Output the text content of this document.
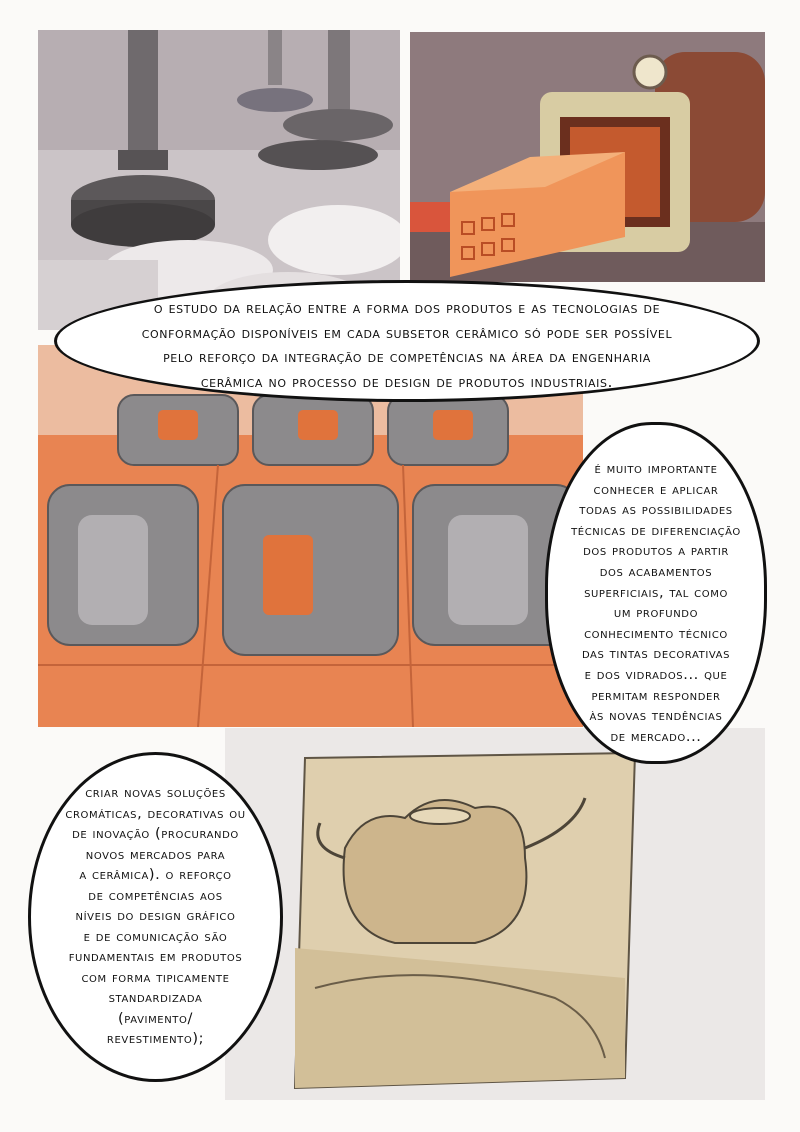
o estudo da relação entre a forma dos produtos e as tecnologias de
conformação disponíveis em cada subsetor cerâmico só pode ser possível
pelo reforço da integração de competências na área da engenharia
cerâmica no processo de design de produtos industriais.
é muito importante
conhecer e aplicar
todas as possibilidades
técnicas de diferenciação
dos produtos a partir
dos acabamentos
superficiais, tal como
um profundo
conhecimento técnico
das tintas decorativas
e dos vidrados... que
permitam responder
às novas tendências
de mercado...
criar novas soluções
cromáticas, decorativas ou
de inovação (procurando
novos mercados para
a cerâmica). o reforço
de competências aos
níveis do design gráfico
e de comunicação são
fundamentais em produtos
com forma tipicamente
standardizada
(pavimento/
revestimento);
